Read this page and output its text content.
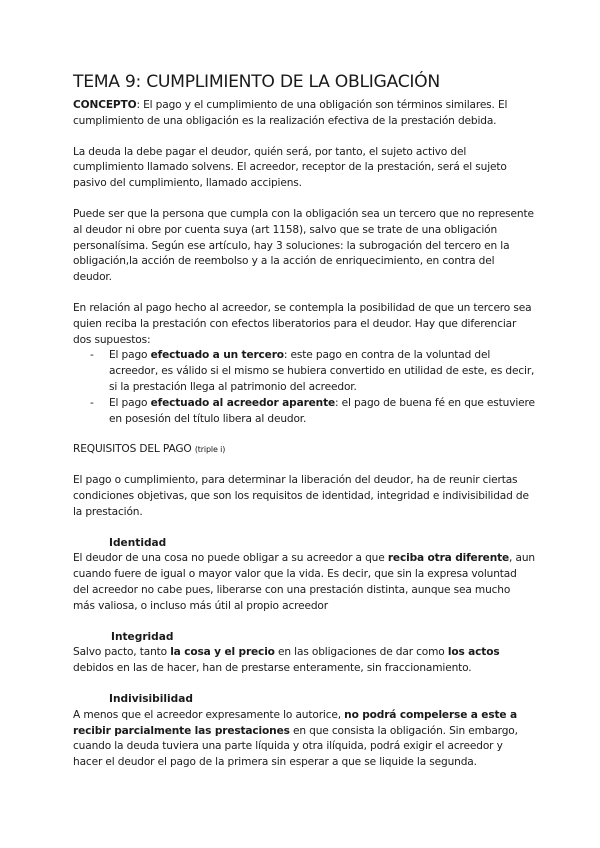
TEMA 9: CUMPLIMIENTO DE LA OBLIGACIÓN

CONCEPTO: El pago y el cumplimiento de una obligación son términos similares. El cumplimiento de una obligación es la realización efectiva de la prestación debida.

La deuda la debe pagar el deudor, quién será, por tanto, el sujeto activo del cumplimiento llamado solvens. El acreedor, receptor de la prestación, será el sujeto pasivo del cumplimiento, llamado accipiens.

Puede ser que la persona que cumpla con la obligación sea un tercero que no represente al deudor ni obre por cuenta suya (art 1158), salvo que se trate de una obligación personalísima. Según ese artículo, hay 3 soluciones: la subrogación del tercero en la obligación,la acción de reembolso y a la acción de enriquecimiento, en contra del deudor.

En relación al pago hecho al acreedor, se contempla la posibilidad de que un tercero sea quien reciba la prestación con efectos liberatorios para el deudor. Hay que diferenciar dos supuestos:

- El pago efectuado a un tercero: este pago en contra de la voluntad del acreedor, es válido si el mismo se hubiera convertido en utilidad de este, es decir, si la prestación llega al patrimonio del acreedor.
- El pago efectuado al acreedor aparente: el pago de buena fé en que estuviere en posesión del título libera al deudor.

REQUISITOS DEL PAGO (triple i)

El pago o cumplimiento, para determinar la liberación del deudor, ha de reunir ciertas condiciones objetivas, que son los requisitos de identidad, integridad e indivisibilidad de la prestación.

Identidad

El deudor de una cosa no puede obligar a su acreedor a que reciba otra diferente, aun cuando fuere de igual o mayor valor que la vida. Es decir, que sin la expresa voluntad del acreedor no cabe pues, liberarse con una prestación distinta, aunque sea mucho más valiosa, o incluso más útil al propio acreedor

Integridad

Salvo pacto, tanto la cosa y el precio en las obligaciones de dar como los actos debidos en las de hacer, han de prestarse enteramente, sin fraccionamiento.

Indivisibilidad

A menos que el acreedor expresamente lo autorice, no podrá compelerse a este a recibir parcialmente las prestaciones en que consista la obligación. Sin embargo, cuando la deuda tuviera una parte líquida y otra ilíquida, podrá exigir el acreedor y hacer el deudor el pago de la primera sin esperar a que se liquide la segunda.
